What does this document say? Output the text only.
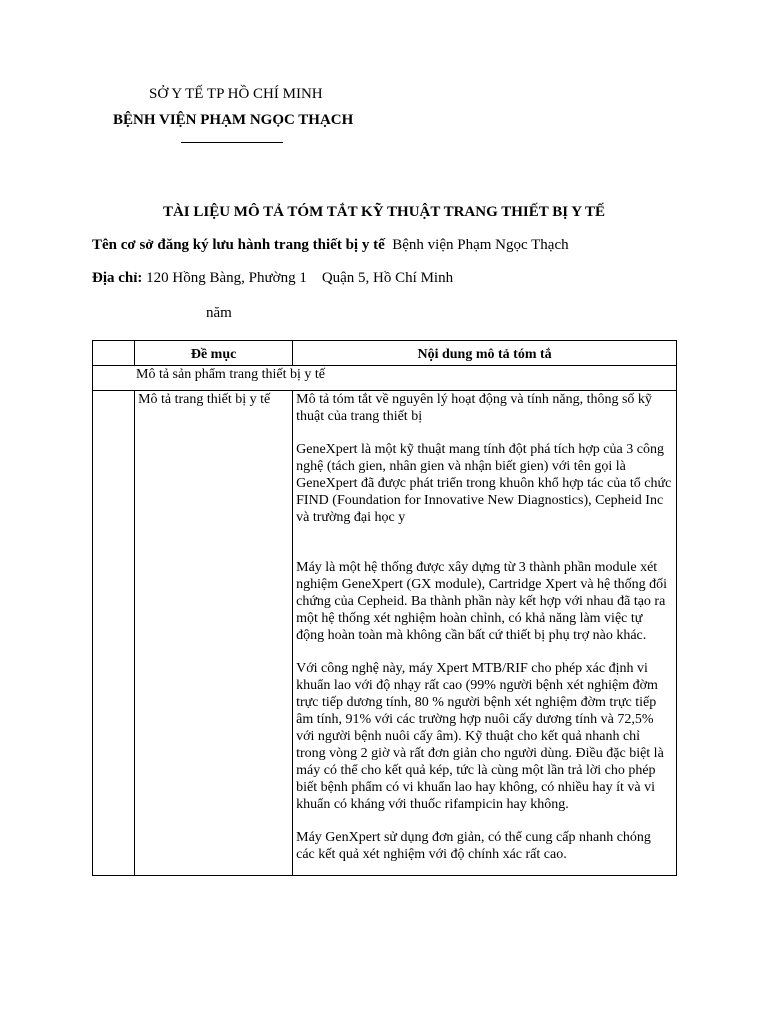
SỞ Y TẾ TP HỒ CHÍ MINH
BỆNH VIỆN PHẠM NGỌC THẠCH
TÀI LIỆU MÔ TẢ TÓM TẮT KỸ THUẬT TRANG THIẾT BỊ Y TẾ
Tên cơ sở đăng ký lưu hành trang thiết bị y tế Bệnh viện Phạm Ngọc Thạch
Địa chỉ: 120 Hồng Bàng, Phường 1    Quận 5, Hồ Chí Minh
năm
	Đề mục	Nội dung mô tả tóm tắ
Mô tả sản phẩm trang thiết bị y tế		
	Mô tả trang thiết bị y tế	Mô tả tóm tắt về nguyên lý hoạt động và tính năng, thông số kỹ thuật của trang thiết bị
GeneXpert là một kỹ thuật mang tính đột phá tích hợp của 3 công nghệ (tách gien, nhân gien và nhận biết gien) với tên gọi là GeneXpert đã được phát triển trong khuôn khổ hợp tác của tổ chức FIND (Foundation for Innovative New Diagnostics), Cepheid Inc và trường đại học y
Máy là một hệ thống được xây dựng từ 3 thành phần module xét nghiệm GeneXpert (GX module), Cartridge Xpert và hệ thống đối chứng của Cepheid. Ba thành phần này kết hợp với nhau đã tạo ra một hệ thống xét nghiệm hoàn chỉnh, có khả năng làm việc tự động hoàn toàn mà không cần bất cứ thiết bị phụ trợ nào khác.
Với công nghệ này, máy Xpert MTB/RIF cho phép xác định vi khuẩn lao với độ nhạy rất cao (99% người bệnh xét nghiệm đờm trực tiếp dương tính, 80 % người bệnh xét nghiệm đờm trực tiếp âm tính, 91% với các trường hợp nuôi cấy dương tính và 72,5% với người bệnh nuôi cấy âm). Kỹ thuật cho kết quả nhanh chỉ trong vòng 2 giờ và rất đơn giản cho người dùng. Điều đặc biệt là máy có thể cho kết quả kép, tức là cùng một lần trả lời cho phép biết bệnh phẩm có vi khuẩn lao hay không, có nhiều hay ít và vi khuẩn có kháng với thuốc rifampicin hay không.
Máy GenXpert sử dụng đơn giản, có thể cung cấp nhanh chóng các kết quả xét nghiệm với độ chính xác rất cao.
